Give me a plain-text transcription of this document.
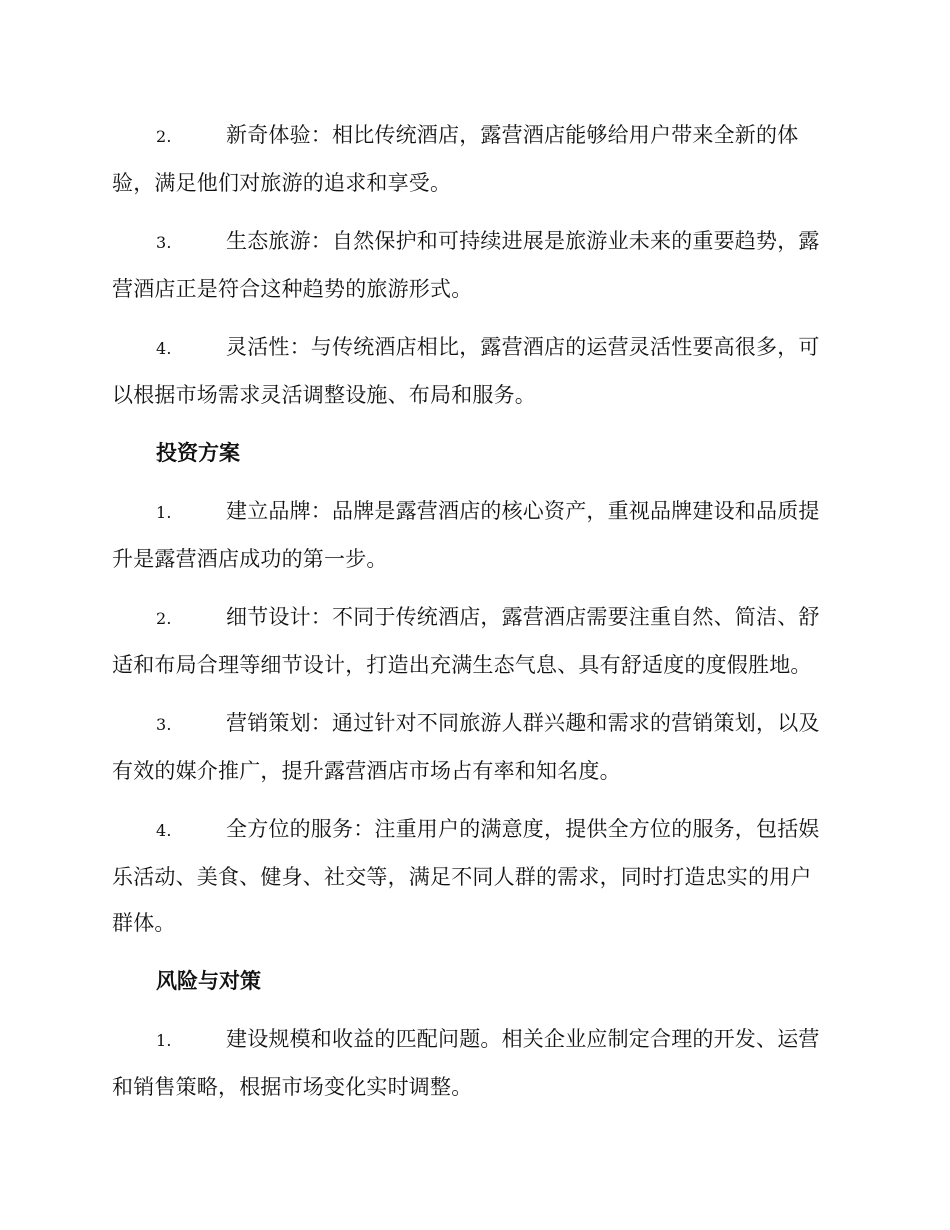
2.	新奇体验：相比传统酒店，露营酒店能够给用户带来全新的体验，满足他们对旅游的追求和享受。

3.	生态旅游：自然保护和可持续进展是旅游业未来的重要趋势，露营酒店正是符合这种趋势的旅游形式。

4.	灵活性：与传统酒店相比，露营酒店的运营灵活性要高很多，可以根据市场需求灵活调整设施、布局和服务。

投资方案

1.	建立品牌：品牌是露营酒店的核心资产，重视品牌建设和品质提升是露营酒店成功的第一步。

2.	细节设计：不同于传统酒店，露营酒店需要注重自然、简洁、舒适和布局合理等细节设计，打造出充满生态气息、具有舒适度的度假胜地。

3.	营销策划：通过针对不同旅游人群兴趣和需求的营销策划，以及有效的媒介推广，提升露营酒店市场占有率和知名度。

4.	全方位的服务：注重用户的满意度，提供全方位的服务，包括娱乐活动、美食、健身、社交等，满足不同人群的需求，同时打造忠实的用户群体。

风险与对策

1.	建设规模和收益的匹配问题。相关企业应制定合理的开发、运营和销售策略，根据市场变化实时调整。
